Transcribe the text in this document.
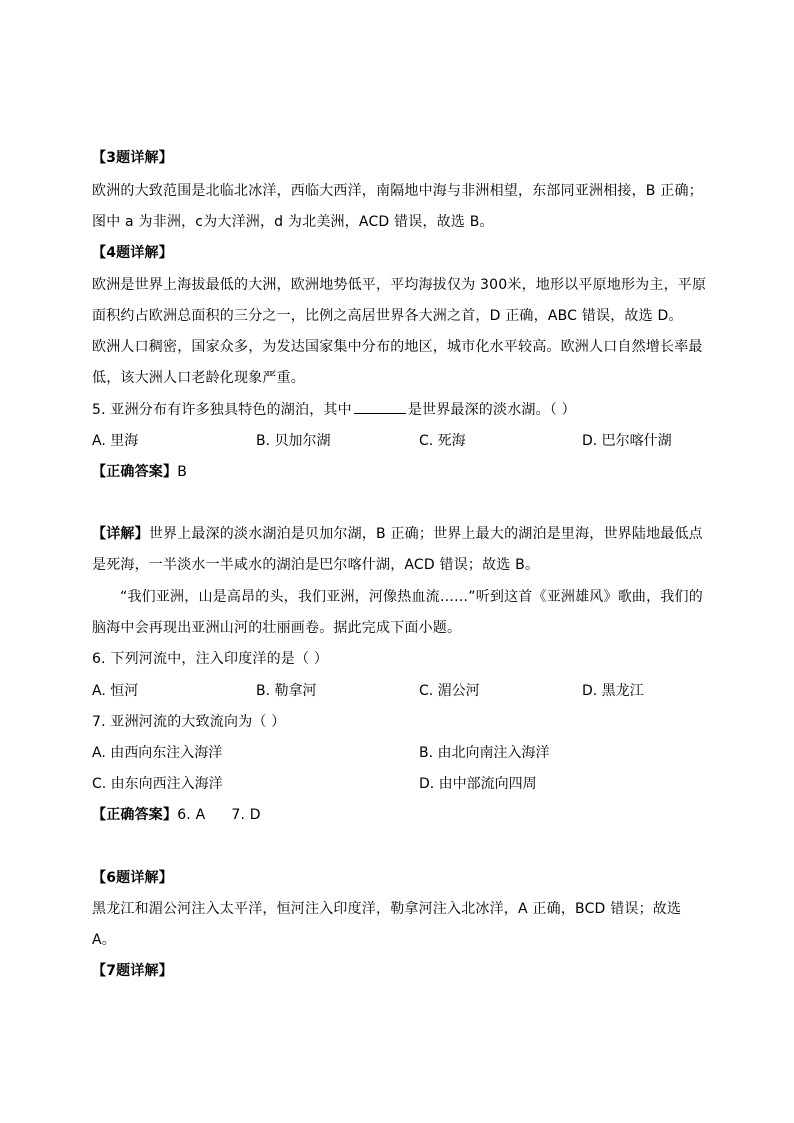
【3题详解】
欧洲的大致范围是北临北冰洋，西临大西洋，南隔地中海与非洲相望，东部同亚洲相接，B 正确；
图中 a 为非洲，c为大洋洲，d 为北美洲，ACD 错误，故选 B。
【4题详解】
欧洲是世界上海拔最低的大洲，欧洲地势低平，平均海拔仅为 300米，地形以平原地形为主，平原
面积约占欧洲总面积的三分之一，比例之高居世界各大洲之首，D 正确，ABC 错误，故选 D。
欧洲人口稠密，国家众多，为发达国家集中分布的地区，城市化水平较高。欧洲人口自然增长率最
低，该大洲人口老龄化现象严重。
5. 亚洲分布有许多独具特色的湖泊，其中	是世界最深的淡水湖。（ ）
A. 里海	B. 贝加尔湖	C. 死海	D. 巴尔喀什湖
【正确答案】B
【详解】世界上最深的淡水湖泊是贝加尔湖，B 正确；世界上最大的湖泊是里海，世界陆地最低点
是死海，一半淡水一半咸水的湖泊是巴尔喀什湖，ACD 错误；故选 B。
“我们亚洲，山是高昂的头，我们亚洲，河像热血流……”听到这首《亚洲雄风》歌曲，我们的
脑海中会再现出亚洲山河的壮丽画卷。据此完成下面小题。
6. 下列河流中，注入印度洋的是（ ）
A. 恒河	B. 勒拿河	C. 湄公河	D. 黑龙江
7. 亚洲河流的大致流向为（ ）
A. 由西向东注入海洋	B. 由北向南注入海洋
C. 由东向西注入海洋	D. 由中部流向四周
【正确答案】6. A 7. D
【6题详解】
黑龙江和湄公河注入太平洋，恒河注入印度洋，勒拿河注入北冰洋，A 正确，BCD 错误；故选
A。
【7题详解】
